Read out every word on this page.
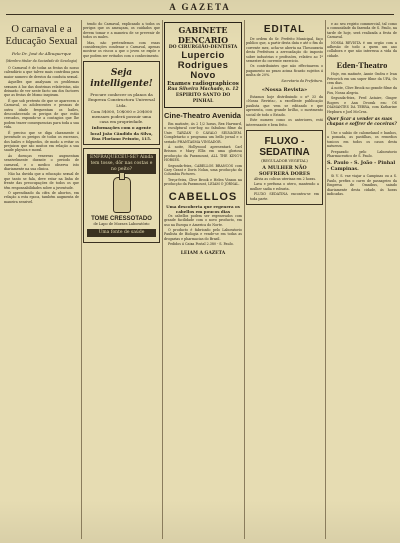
A GAZETA
O carnaval e a Educação Sexual
Pelo Dr. José de Albuquerque
(Membro titular da Sociedade de Sexologia)

O Carnaval é de todas as festas do nosso calendário a que talvez mais contribua para maior numero de desvios da conduta sexual.

Aquelles que analysam os problemas sexuaes á luz das doutrinas relativistas, não deixarão de ver neste facto um dos factores que as festas de Momo inspiram.

É que sob pretexto de que se aparecem o Carnaval, os adolescentes e pessoas de outra idade frequentam os bailes, desconhecendo os perigos de que estão cercados, expondo-se a contagios que lhe podem trazer consequencias para toda a sua vida.

É preciso que se diga claramente á juventude os perigos de todos os excessos, dos bailes e folguedos, de modo a evitar os prejuizos que são muitos em relação a sua saude physica e moral.

Ás doenças venereas augmentam sensivelmente durante o periodo de carnaval, e o medico observa isto diariamente na sua clinica.

Não ha duvida que a educação sexual de que tanto se fala, deve estar na linha de frente das preocupações de todos os que têm responsabilidades sobre a juventude.

O aprendizado da cifra de abortos, em relação a esta epoca, também augmenta de maneira sensivel.

tendo do Carnaval, explicando a todos os perigos que os ameaçam, os cuidados que devem tomar e a maneira de se prevenir de todos os males.

Mas, não pretendemos com essas considerações condenar o Carnaval, apenas mostrar os riscos a que o joven se expõe e que podem ser evitados com o conhecimento.

Seja intelligente!

Procure conhecer os planos da Empreza Constructora Universal Ltda.

Com 5$000, 10$000 e 20$000 mensaes poderá possuir uma casa em propriedade.

Informações com o agente local João Cândido da Silva, Rua Floriano Peixoto, 115.

ENFRAQUECEU-SE? Ainda tem tosse, dôr nas costas e no peito?
TOME CRESSOTADO
de Lapo de Moraes Laboratório
Uma fonte de saúde
GABINETE DENCARIO
DO CIRURGIÃO-DENTISTA
Lupercio Rodrigues Novo
Exames radiographicos
Rua Silveira Machado, n. 12
ESPIRITO SANTO DO PINHAL
Cine-Theatro Avenida

Em matinée, ás 2 1/2 horas, Rex Harward, o esculptural cow-boy, no fabuloso filme da Univ. TARZAN O CAVALO SELVAGEM. Completarão o programa um bello jornal e o seriado PHANTASMA VINGADOR.

Á noite, Hollywood apresentará Carl Brisson e Mary Ellis em uma gloriosa producção da Paramount, ALL THE KING'S HORSES.

Segunda-feira, CABELLOS BRANCOS com Cary Grant e Doris Nolan, uma producção da Columbia Pictures.

Terça-feira, Clive Brook e Helen Vinson na producção da Paramount, LEIAM O JORNAL.

CABELLOS
Uma descoberta que regenera os cabellos em poucos dias

Os cabellos podem ser regenerados com grande facilidade com o novo producto, em uso na Europa e America do Norte.

O producto é fabricado pelo Laboratorio Paulista de Biologia e vende-se em todas as drogarias e pharmacias do Brasil.

Pedidos á Caixa Postal 2.380 - S. Paulo.

LEIAM A GAZETA
EDITAL

De ordem do Sr. Prefeito Municipal, faço publico que, a partir desta data e até o fim do corrente mez, acha-se aberta na Thesouraria desta Prefeitura a arrecadação do imposto sobre industrias e profissões, relativo ao 1º semestre do corrente exercicio.

Os contribuintes que não effectuarem o pagamento no prazo acima ficarão sujeitos á multa de 20%.

Secretaria da Prefeitura.

«Nossa Revista»

Estamos hoje distribuindo o nº 33 da «Nossa Revista», a excellente publicação paulista que vem se editando e que apresenta, com grande brilho, o movimento social de todo o Estado.

Este numero como os anteriores, está interessante e bem feito.

FLUXO - SEDATINA
(REGULADOR VEGETAL)
A MULHER NÃO SOFFRERÁ DORES

Alivia as colicas uterinas em 2 horas.

Lava e perfuma o utero, mantendo a mulher sadia e robusta.

FLUXO SEDATINA encontra-se em toda parte.

e ao seu registo commercial, tal como a comunidade da fazenda de S. Paulo, na tarde de hoje, será realizada a festa de Carnaval.

NOSSA REVISTA é um orgão com a adhesão de todo a quem um ano collabora e que não interessa a vida da cidade.

Eden-Theatro

Hoje, em matinée, Annie Ondra e Ivan Petrovich em um super filme da UFA, Os cem dias.

Á noite, Clive Brook no grande filme da Fox, Nossa alegria.

Segunda-feira, Fred Astaire, Ginger Rogers e Ann Dvorak em: OS DIAMANTES DA TERRA, com Katharine Hepburn e Joel McCrea.

Quer ficar a vender as suas chapas e soffrer de coceiras?

Use o sabão de calomelanol e banhos, a pomada, as pastilhas, os remedios tonicos em todos os casos desta natureza.

Preparado pelo Laboratorio Pharmaceutico de S. Paulo.

S. Paulo - S. João - Pinhal - Campinas.

Si V. S. vae viajar a Campinas ou a S. Paulo, prefira o carro de passageiro da Empresa de Omnibus, saindo diariamente desta cidade, ás horas indicadas.
